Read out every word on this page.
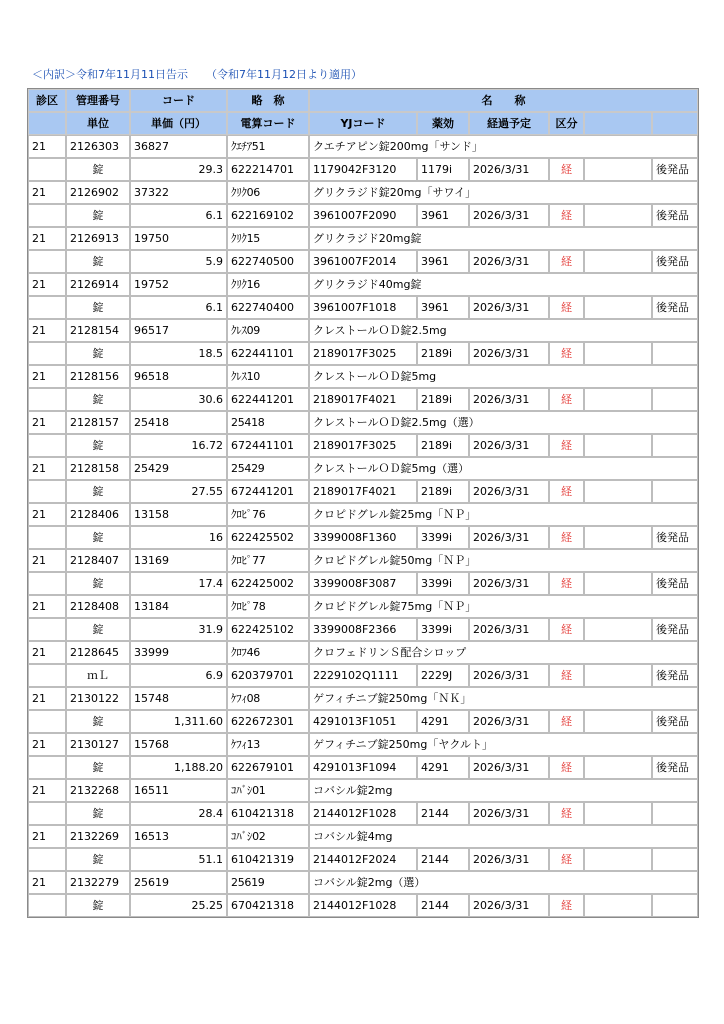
＜内訳＞令和7年11月11日告示 （令和7年11月12日より適用）
診区	管理番号	コード	略　称	名　　称					
	単位	単価（円）	電算コード	YJコード	薬効	経過予定	区分		
21	2126303	36827	ｸｴﾁｱ51	クエチアピン錠200mg「サンド」					
	錠	29.3	622214701	1179042F3120	1179i	2026/3/31	経		後発品
21	2126902	37322	ｸﾘｸ06	グリクラジド錠20mg「サワイ」					
	錠	6.1	622169102	3961007F2090	3961	2026/3/31	経		後発品
21	2126913	19750	ｸﾘｸ15	グリクラジド20mg錠					
	錠	5.9	622740500	3961007F2014	3961	2026/3/31	経		後発品
21	2126914	19752	ｸﾘｸ16	グリクラジド40mg錠					
	錠	6.1	622740400	3961007F1018	3961	2026/3/31	経		後発品
21	2128154	96517	ｸﾚｽ09	クレストールＯＤ錠2.5mg					
	錠	18.5	622441101	2189017F3025	2189i	2026/3/31	経		
21	2128156	96518	ｸﾚｽ10	クレストールＯＤ錠5mg					
	錠	30.6	622441201	2189017F4021	2189i	2026/3/31	経		
21	2128157	25418	25418	クレストールＯＤ錠2.5mg（選）					
	錠	16.72	672441101	2189017F3025	2189i	2026/3/31	経		
21	2128158	25429	25429	クレストールＯＤ錠5mg（選）					
	錠	27.55	672441201	2189017F4021	2189i	2026/3/31	経		
21	2128406	13158	ｸﾛﾋﾟ76	クロピドグレル錠25mg「ＮＰ」					
	錠	16	622425502	3399008F1360	3399i	2026/3/31	経		後発品
21	2128407	13169	ｸﾛﾋﾟ77	クロピドグレル錠50mg「ＮＰ」					
	錠	17.4	622425002	3399008F3087	3399i	2026/3/31	経		後発品
21	2128408	13184	ｸﾛﾋﾟ78	クロピドグレル錠75mg「ＮＰ」					
	錠	31.9	622425102	3399008F2366	3399i	2026/3/31	経		後発品
21	2128645	33999	ｸﾛﾌ46	クロフェドリンＳ配合シロップ					
	ｍＬ	6.9	620379701	2229102Q1111	2229J	2026/3/31	経		後発品
21	2130122	15748	ｹﾌｨ08	ゲフィチニブ錠250mg「ＮＫ」					
	錠	1,311.60	622672301	4291013F1051	4291	2026/3/31	経		後発品
21	2130127	15768	ｹﾌｨ13	ゲフィチニブ錠250mg「ヤクルト」					
	錠	1,188.20	622679101	4291013F1094	4291	2026/3/31	経		後発品
21	2132268	16511	ｺﾊﾞｼ01	コバシル錠2mg					
	錠	28.4	610421318	2144012F1028	2144	2026/3/31	経		
21	2132269	16513	ｺﾊﾞｼ02	コバシル錠4mg					
	錠	51.1	610421319	2144012F2024	2144	2026/3/31	経		
21	2132279	25619	25619	コバシル錠2mg（選）					
	錠	25.25	670421318	2144012F1028	2144	2026/3/31	経		
